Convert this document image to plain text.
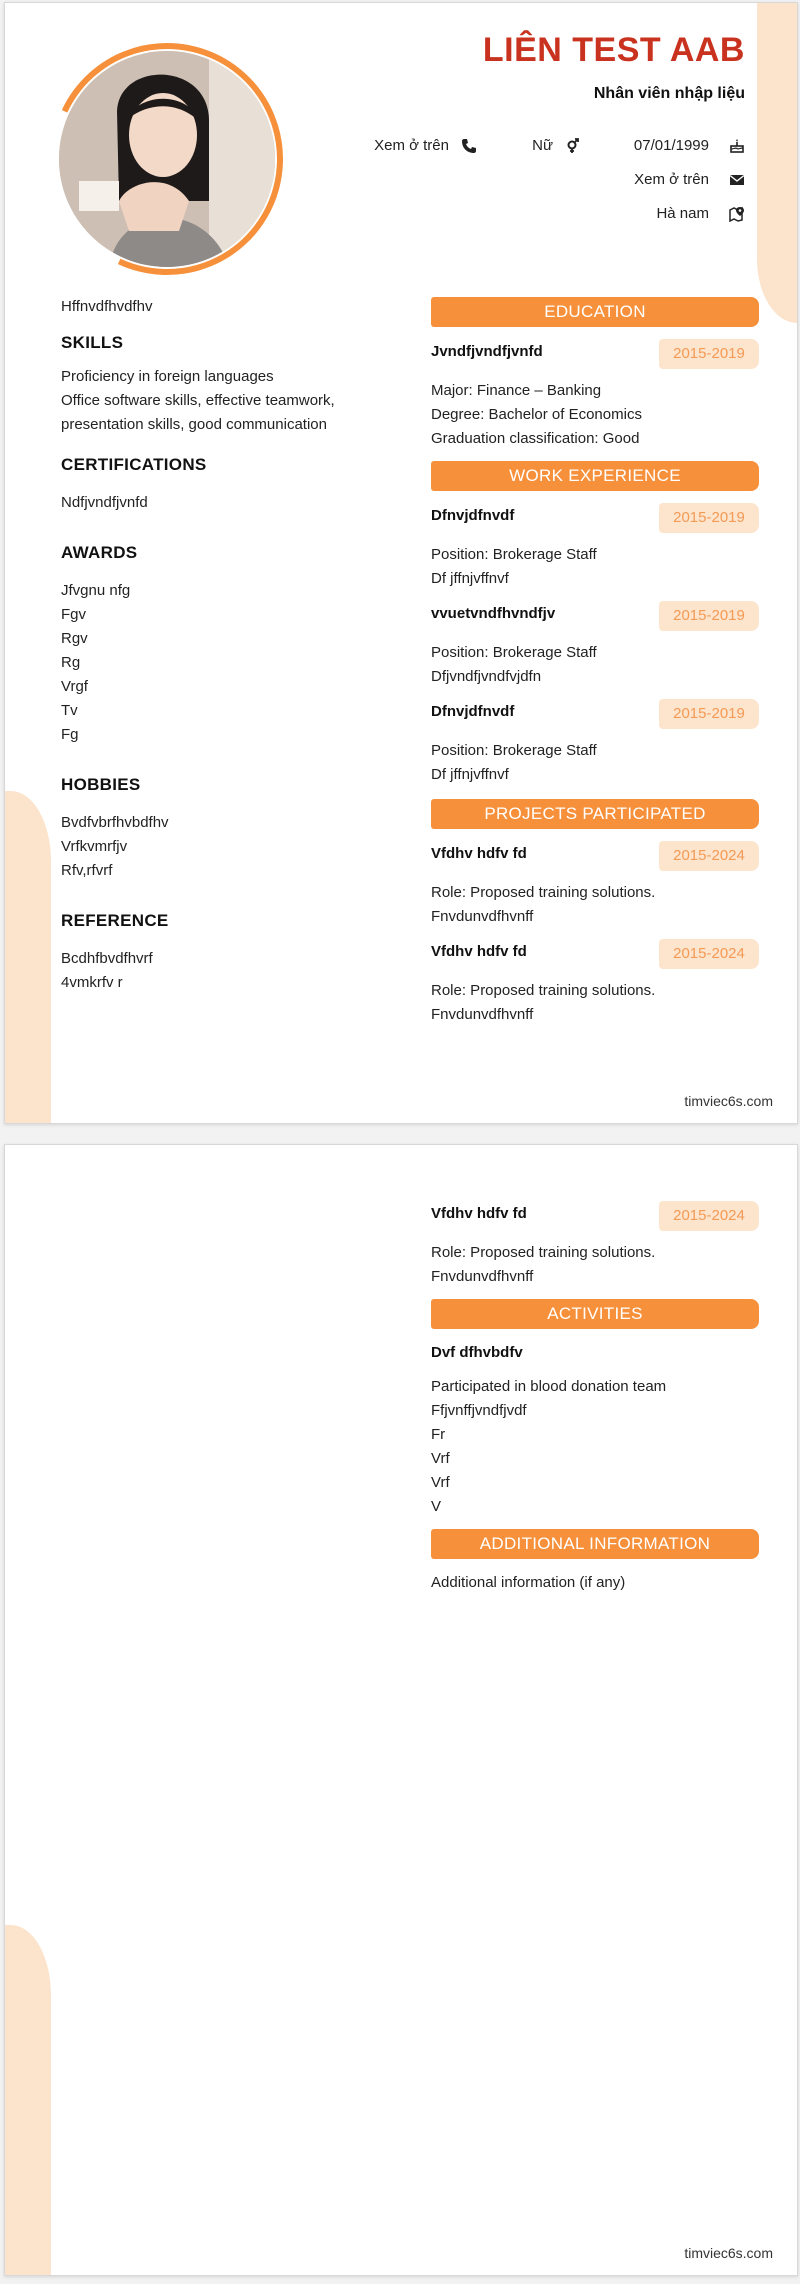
LIÊN TEST AAB
Nhân viên nhập liệu
Xem ở trên	Nữ	07/01/1999
Xem ở trên
Hà nam
Hffnvdfhvdfhv
SKILLS
Proficiency in foreign languages
Office software skills, effective teamwork,
presentation skills, good communication
CERTIFICATIONS
Ndfjvndfjvnfd
AWARDS
Jfvgnu nfg
Fgv
Rgv
Rg
Vrgf
Tv
Fg
HOBBIES
Bvdfvbrfhvbdfhv
Vrfkvmrfjv
Rfv,rfvrf
REFERENCE
Bcdhfbvdfhvrf
4vmkrfv r
EDUCATION
Jvndfjvndfjvnfd	2015-2019
Major: Finance – Banking
Degree: Bachelor of Economics
Graduation classification: Good
WORK EXPERIENCE
Dfnvjdfnvdf	2015-2019
Position: Brokerage Staff
Df jffnjvffnvf
vvuetvndfhvndfjv	2015-2019
Position: Brokerage Staff
Dfjvndfjvndfvjdfn
Dfnvjdfnvdf	2015-2019
Position: Brokerage Staff
Df jffnjvffnvf
PROJECTS PARTICIPATED
Vfdhv hdfv fd	2015-2024
Role: Proposed training solutions.
Fnvdunvdfhvnff
Vfdhv hdfv fd	2015-2024
Role: Proposed training solutions.
Fnvdunvdfhvnff
timviec6s.com
Vfdhv hdfv fd	2015-2024
Role: Proposed training solutions.
Fnvdunvdfhvnff
ACTIVITIES
Dvf dfhvbdfv
Participated in blood donation team
Ffjvnffjvndfjvdf
Fr
Vrf
Vrf
V
ADDITIONAL INFORMATION
Additional information (if any)
timviec6s.com
